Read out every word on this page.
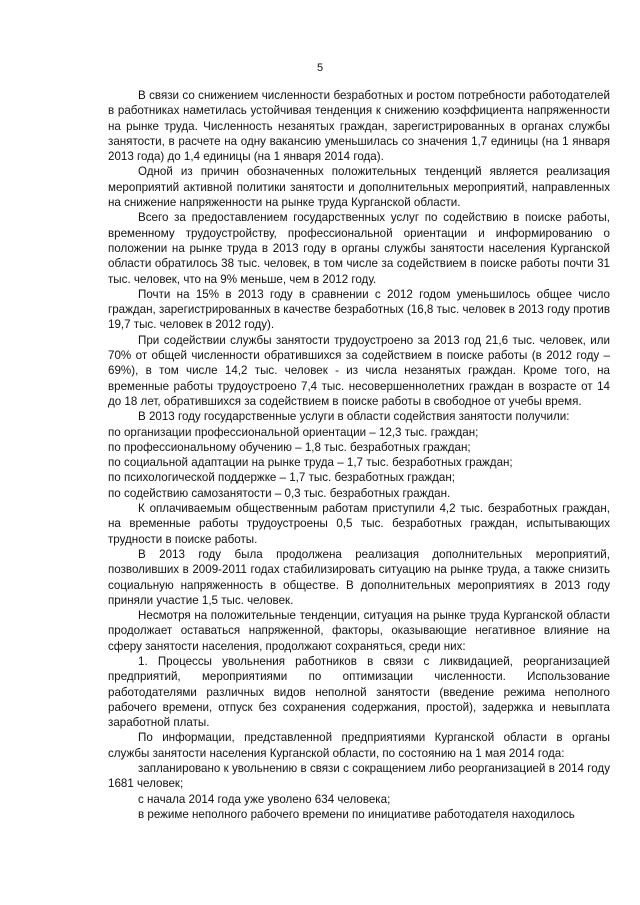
5

В связи со снижением численности безработных и ростом потребности работодателей в работниках наметилась устойчивая тенденция к снижению коэффициента напряженности на рынке труда. Численность незанятых граждан, зарегистрированных в органах службы занятости, в расчете на одну вакансию уменьшилась со значения 1,7 единицы (на 1 января 2013 года) до 1,4 единицы (на 1 января 2014 года).

Одной из причин обозначенных положительных тенденций является реализация мероприятий активной политики занятости и дополнительных мероприятий, направленных на снижение напряженности на рынке труда Курганской области.

Всего за предоставлением государственных услуг по содействию в поиске работы, временному трудоустройству, профессиональной ориентации и информированию о положении на рынке труда в 2013 году в органы службы занятости населения Курганской области обратилось 38 тыс. человек, в том числе за содействием в поиске работы почти 31 тыс. человек, что на 9% меньше, чем в 2012 году.

Почти на 15% в 2013 году в сравнении с 2012 годом уменьшилось общее число граждан, зарегистрированных в качестве безработных (16,8 тыс. человек в 2013 году против 19,7 тыс. человек в 2012 году).

При содействии службы занятости трудоустроено за 2013 год 21,6 тыс. человек, или 70% от общей численности обратившихся за содействием в поиске работы (в 2012 году – 69%), в том числе 14,2 тыс. человек - из числа незанятых граждан. Кроме того, на временные работы трудоустроено 7,4 тыс. несовершеннолетних граждан в возрасте от 14 до 18 лет, обратившихся за содействием в поиске работы в свободное от учебы время.

В 2013 году государственные услуги в области содействия занятости получили:

по организации профессиональной ориентации – 12,3 тыс. граждан;

по профессиональному обучению – 1,8 тыс. безработных граждан;

по социальной адаптации на рынке труда – 1,7 тыс. безработных граждан;

по психологической поддержке – 1,7 тыс. безработных граждан;

по содействию самозанятости – 0,3 тыс. безработных граждан.

К оплачиваемым общественным работам приступили 4,2 тыс. безработных граждан, на временные работы трудоустроены 0,5 тыс. безработных граждан, испытывающих трудности в поиске работы.

В 2013 году была продолжена реализация дополнительных мероприятий, позволивших в 2009-2011 годах стабилизировать ситуацию на рынке труда, а также снизить социальную напряженность в обществе. В дополнительных мероприятиях в 2013 году приняли участие 1,5 тыс. человек.

Несмотря на положительные тенденции, ситуация на рынке труда Курганской области продолжает оставаться напряженной, факторы, оказывающие негативное влияние на сферу занятости населения, продолжают сохраняться, среди них:

1. Процессы увольнения работников в связи с ликвидацией, реорганизацией предприятий, мероприятиями по оптимизации численности. Использование работодателями различных видов неполной занятости (введение режима неполного рабочего времени, отпуск без сохранения содержания, простой), задержка и невыплата заработной платы.

По информации, представленной предприятиями Курганской области в органы службы занятости населения Курганской области, по состоянию на 1 мая 2014 года:

запланировано к увольнению в связи с сокращением либо реорганизацией в 2014 году 1681 человек;

с начала 2014 года уже уволено 634 человека;

в режиме неполного рабочего времени по инициативе работодателя находилось
